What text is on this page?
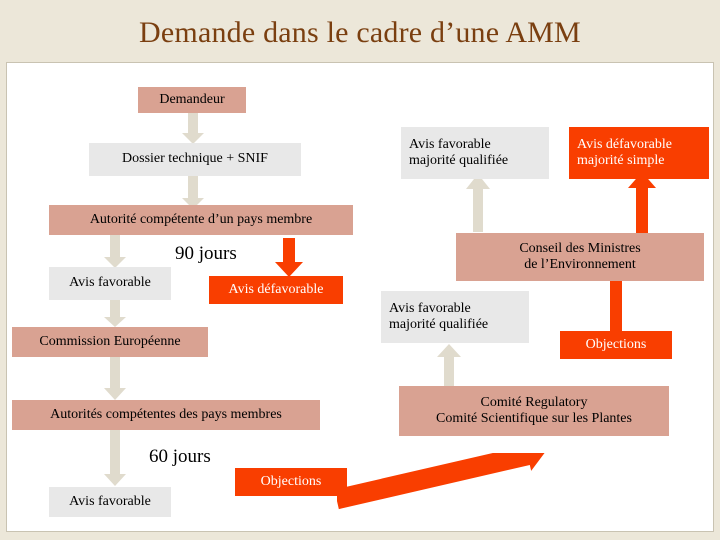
Demande dans le cadre d’une AMM
Demandeur
Dossier technique + SNIF
Autorité compétente d’un pays membre
Avis favorable	Avis défavorable
Commission Européenne
Autorités compétentes des pays membres
Avis favorable
Objections
Comité Regulatory
Comité Scientifique sur les Plantes
Avis favorable
majorité qualifiée
Objections
Conseil des Ministres
de l’Environnement
Avis favorable
majorité qualifiée
Avis défavorable
majorité simple
90 jours
60 jours
